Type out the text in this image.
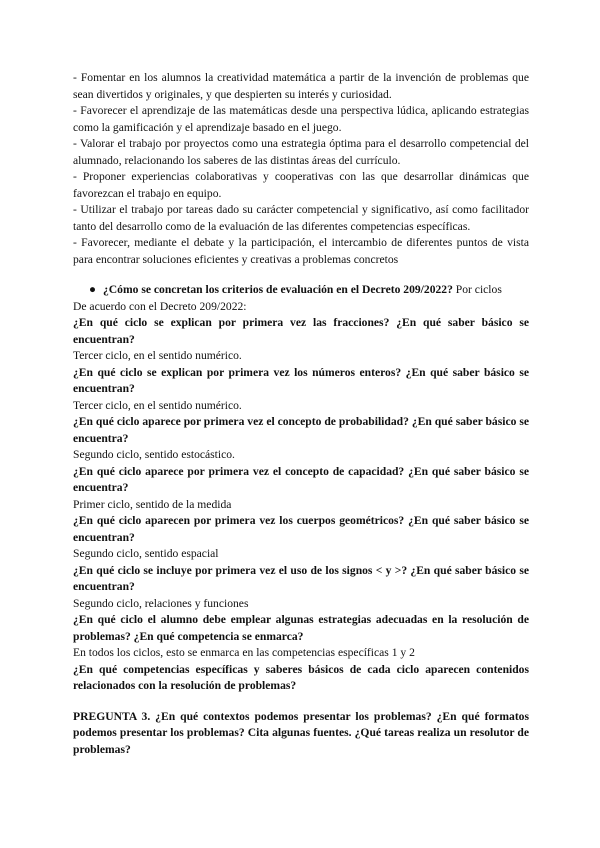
- Fomentar en los alumnos la creatividad matemática a partir de la invención de problemas que sean divertidos y originales, y que despierten su interés y curiosidad.

- Favorecer el aprendizaje de las matemáticas desde una perspectiva lúdica, aplicando estrategias como la gamificación y el aprendizaje basado en el juego.

- Valorar el trabajo por proyectos como una estrategia óptima para el desarrollo competencial del alumnado, relacionando los saberes de las distintas áreas del currículo.

- Proponer experiencias colaborativas y cooperativas con las que desarrollar dinámicas que favorezcan el trabajo en equipo.

- Utilizar el trabajo por tareas dado su carácter competencial y significativo, así como facilitador tanto del desarrollo como de la evaluación de las diferentes competencias específicas.

- Favorecer, mediante el debate y la participación, el intercambio de diferentes puntos de vista para encontrar soluciones eficientes y creativas a problemas concretos

● ¿Cómo se concretan los criterios de evaluación en el Decreto 209/2022? Por ciclos

De acuerdo con el Decreto 209/2022:

¿En qué ciclo se explican por primera vez las fracciones? ¿En qué saber básico se encuentran?

Tercer ciclo, en el sentido numérico.

¿En qué ciclo se explican por primera vez los números enteros? ¿En qué saber básico se encuentran?

Tercer ciclo, en el sentido numérico.

¿En qué ciclo aparece por primera vez el concepto de probabilidad? ¿En qué saber básico se encuentra?

Segundo ciclo, sentido estocástico.

¿En qué ciclo aparece por primera vez el concepto de capacidad? ¿En qué saber básico se encuentra?

Primer ciclo, sentido de la medida

¿En qué ciclo aparecen por primera vez los cuerpos geométricos? ¿En qué saber básico se encuentran?

Segundo ciclo, sentido espacial

¿En qué ciclo se incluye por primera vez el uso de los signos < y >? ¿En qué saber básico se encuentran?

Segundo ciclo, relaciones y funciones

¿En qué ciclo el alumno debe emplear algunas estrategias adecuadas en la resolución de problemas? ¿En qué competencia se enmarca?

En todos los ciclos, esto se enmarca en las competencias específicas 1 y 2

¿En qué competencias específicas y saberes básicos de cada ciclo aparecen contenidos relacionados con la resolución de problemas?

PREGUNTA 3. ¿En qué contextos podemos presentar los problemas? ¿En qué formatos podemos presentar los problemas? Cita algunas fuentes. ¿Qué tareas realiza un resolutor de problemas?
